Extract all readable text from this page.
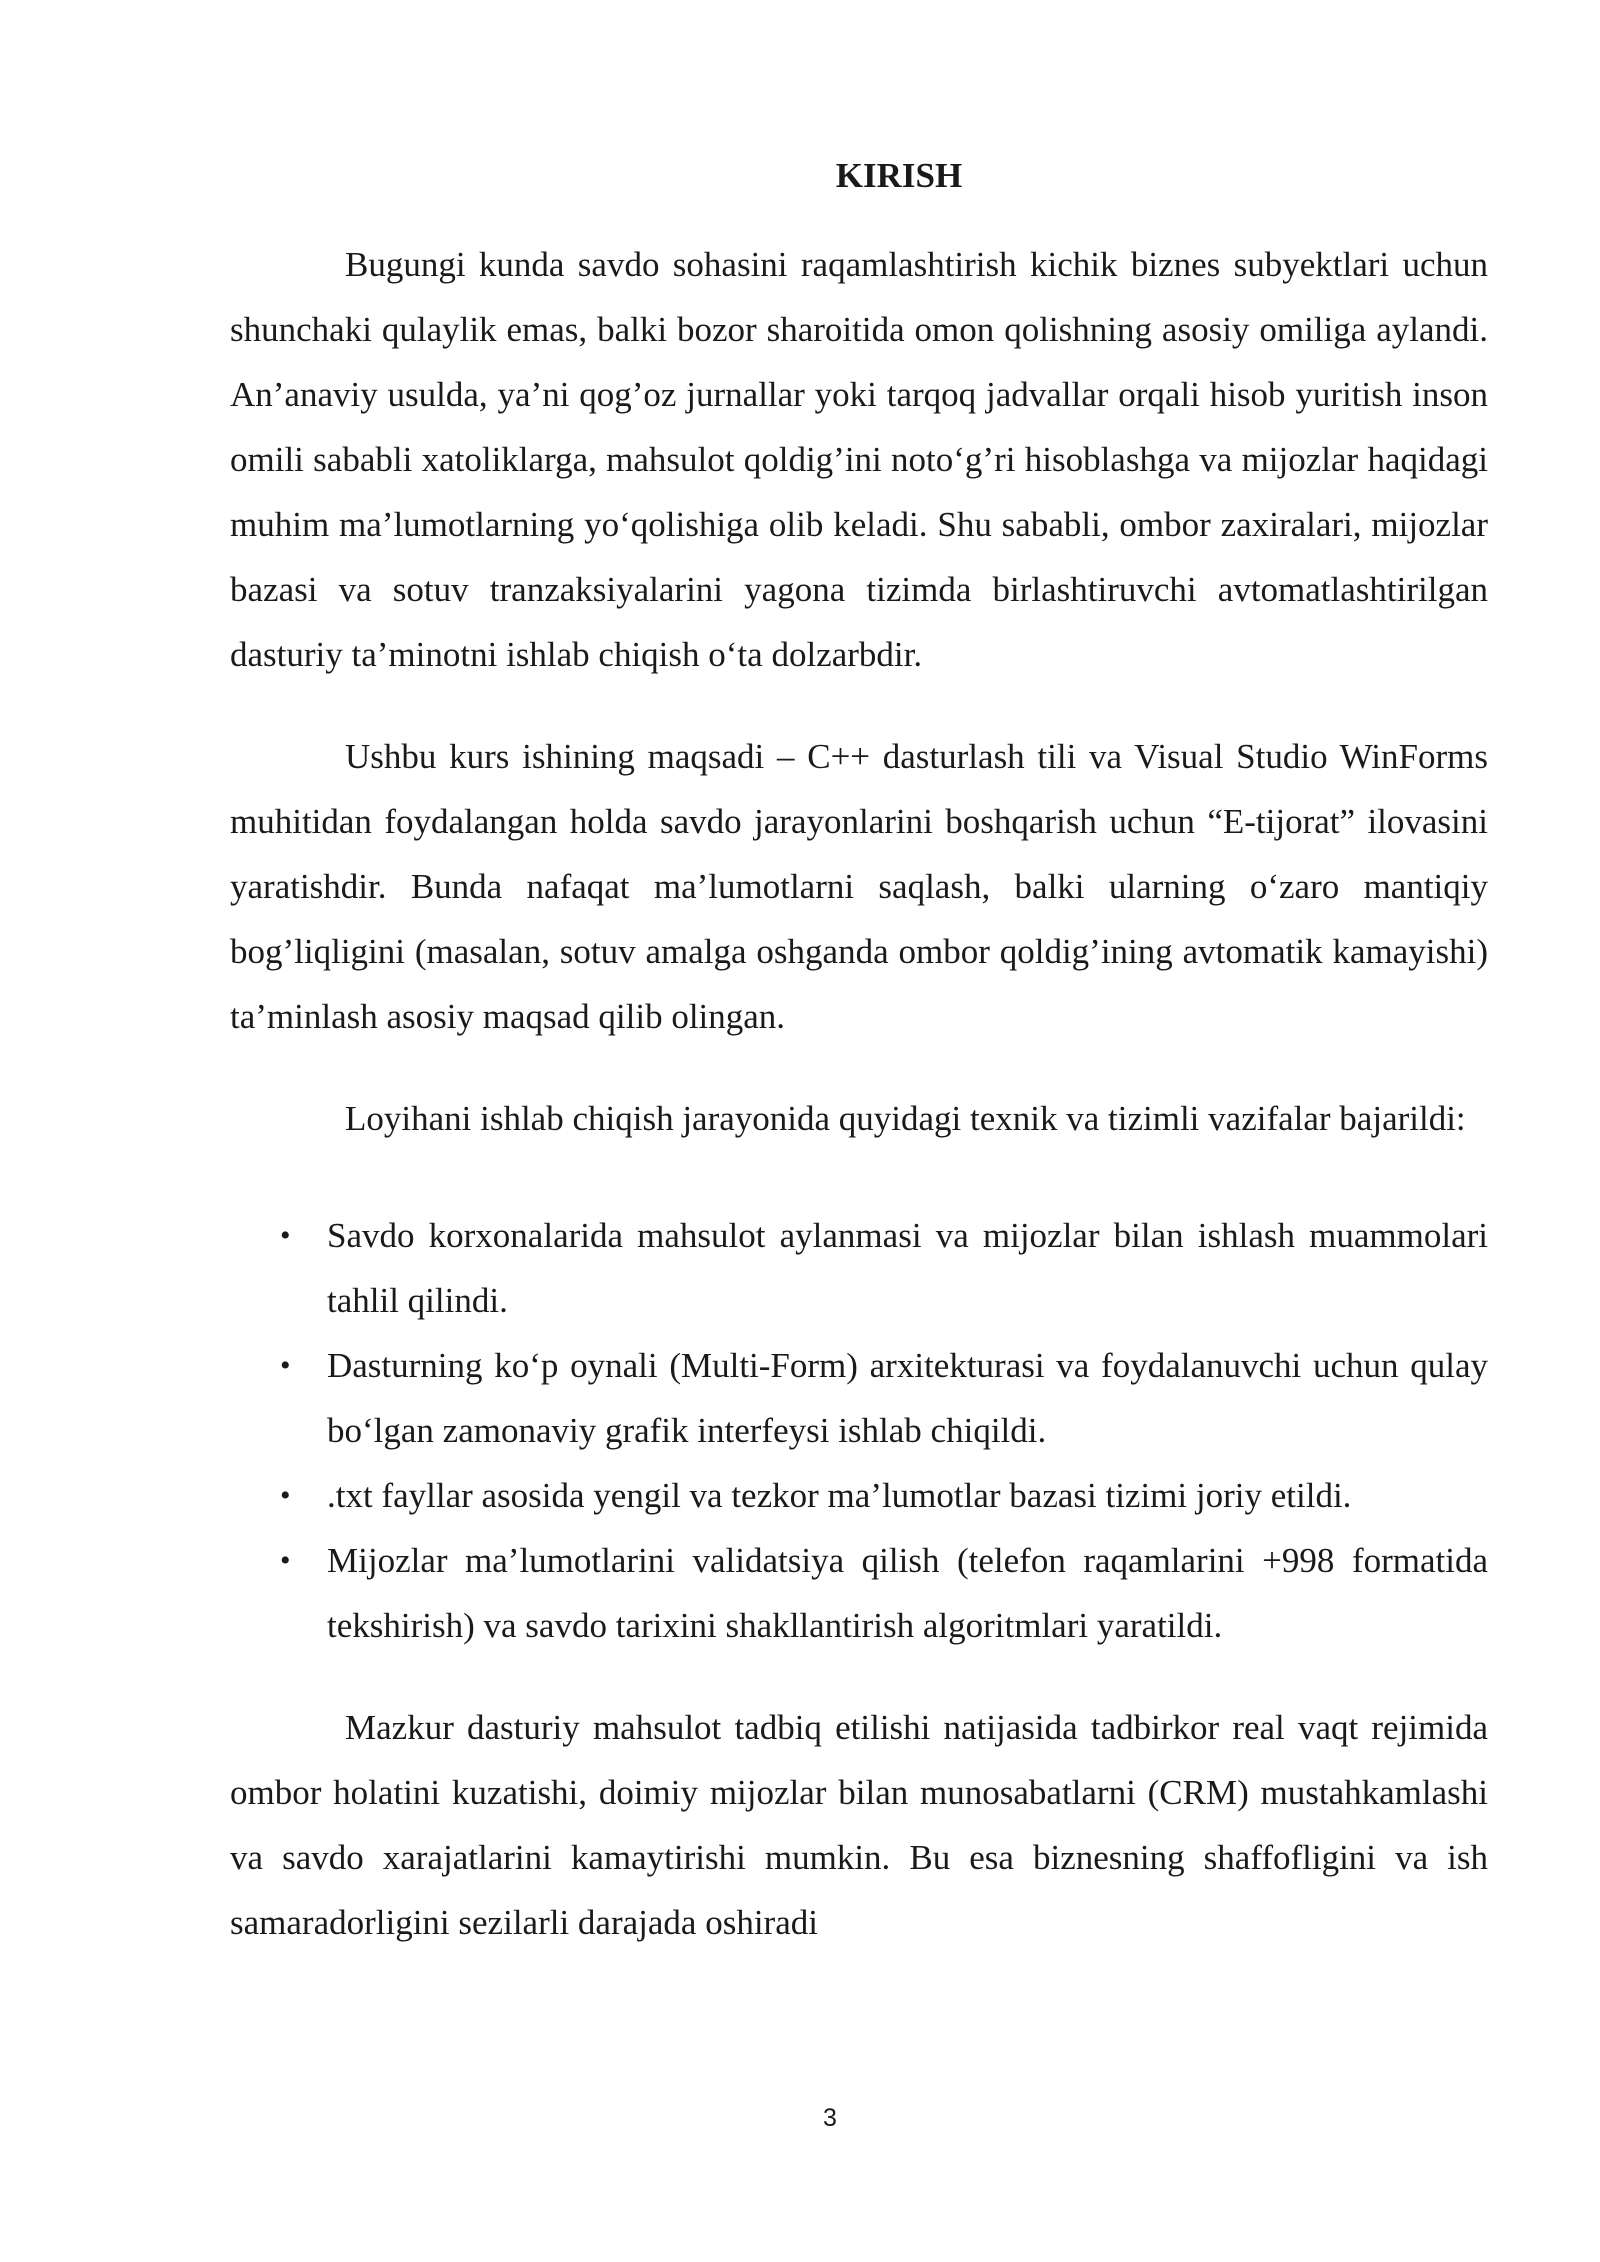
KIRISH

Bugungi kunda savdo sohasini raqamlashtirish kichik biznes subyektlari uchun shunchaki qulaylik emas, balki bozor sharoitida omon qolishning asosiy omiliga aylandi. An’anaviy usulda, ya’ni qog’oz jurnallar yoki tarqoq jadvallar orqali hisob yuritish inson omili sababli xatoliklarga, mahsulot qoldig’ini noto‘g’ri hisoblashga va mijozlar haqidagi muhim ma’lumotlarning yo‘qolishiga olib keladi. Shu sababli, ombor zaxiralari, mijozlar bazasi va sotuv tranzaksiyalarini yagona tizimda birlashtiruvchi avtomatlashtirilgan dasturiy ta’minotni ishlab chiqish o‘ta dolzarbdir.

Ushbu kurs ishining maqsadi – C++ dasturlash tili va Visual Studio WinForms muhitidan foydalangan holda savdo jarayonlarini boshqarish uchun “E-tijorat” ilovasini yaratishdir. Bunda nafaqat ma’lumotlarni saqlash, balki ularning o‘zaro mantiqiy bog’liqligini (masalan, sotuv amalga oshganda ombor qoldig’ining avtomatik kamayishi) ta’minlash asosiy maqsad qilib olingan.

Loyihani ishlab chiqish jarayonida quyidagi texnik va tizimli vazifalar bajarildi:

• Savdo korxonalarida mahsulot aylanmasi va mijozlar bilan ishlash muammolari tahlil qilindi.
• Dasturning ko‘p oynali (Multi-Form) arxitekturasi va foydalanuvchi uchun qulay bo‘lgan zamonaviy grafik interfeysi ishlab chiqildi.
• .txt fayllar asosida yengil va tezkor ma’lumotlar bazasi tizimi joriy etildi.
• Mijozlar ma’lumotlarini validatsiya qilish (telefon raqamlarini +998 formatida tekshirish) va savdo tarixini shakllantirish algoritmlari yaratildi.

Mazkur dasturiy mahsulot tadbiq etilishi natijasida tadbirkor real vaqt rejimida ombor holatini kuzatishi, doimiy mijozlar bilan munosabatlarni (CRM) mustahkamlashi va savdo xarajatlarini kamaytirishi mumkin. Bu esa biznesning shaffofligini va ish samaradorligini sezilarli darajada oshiradi

3
